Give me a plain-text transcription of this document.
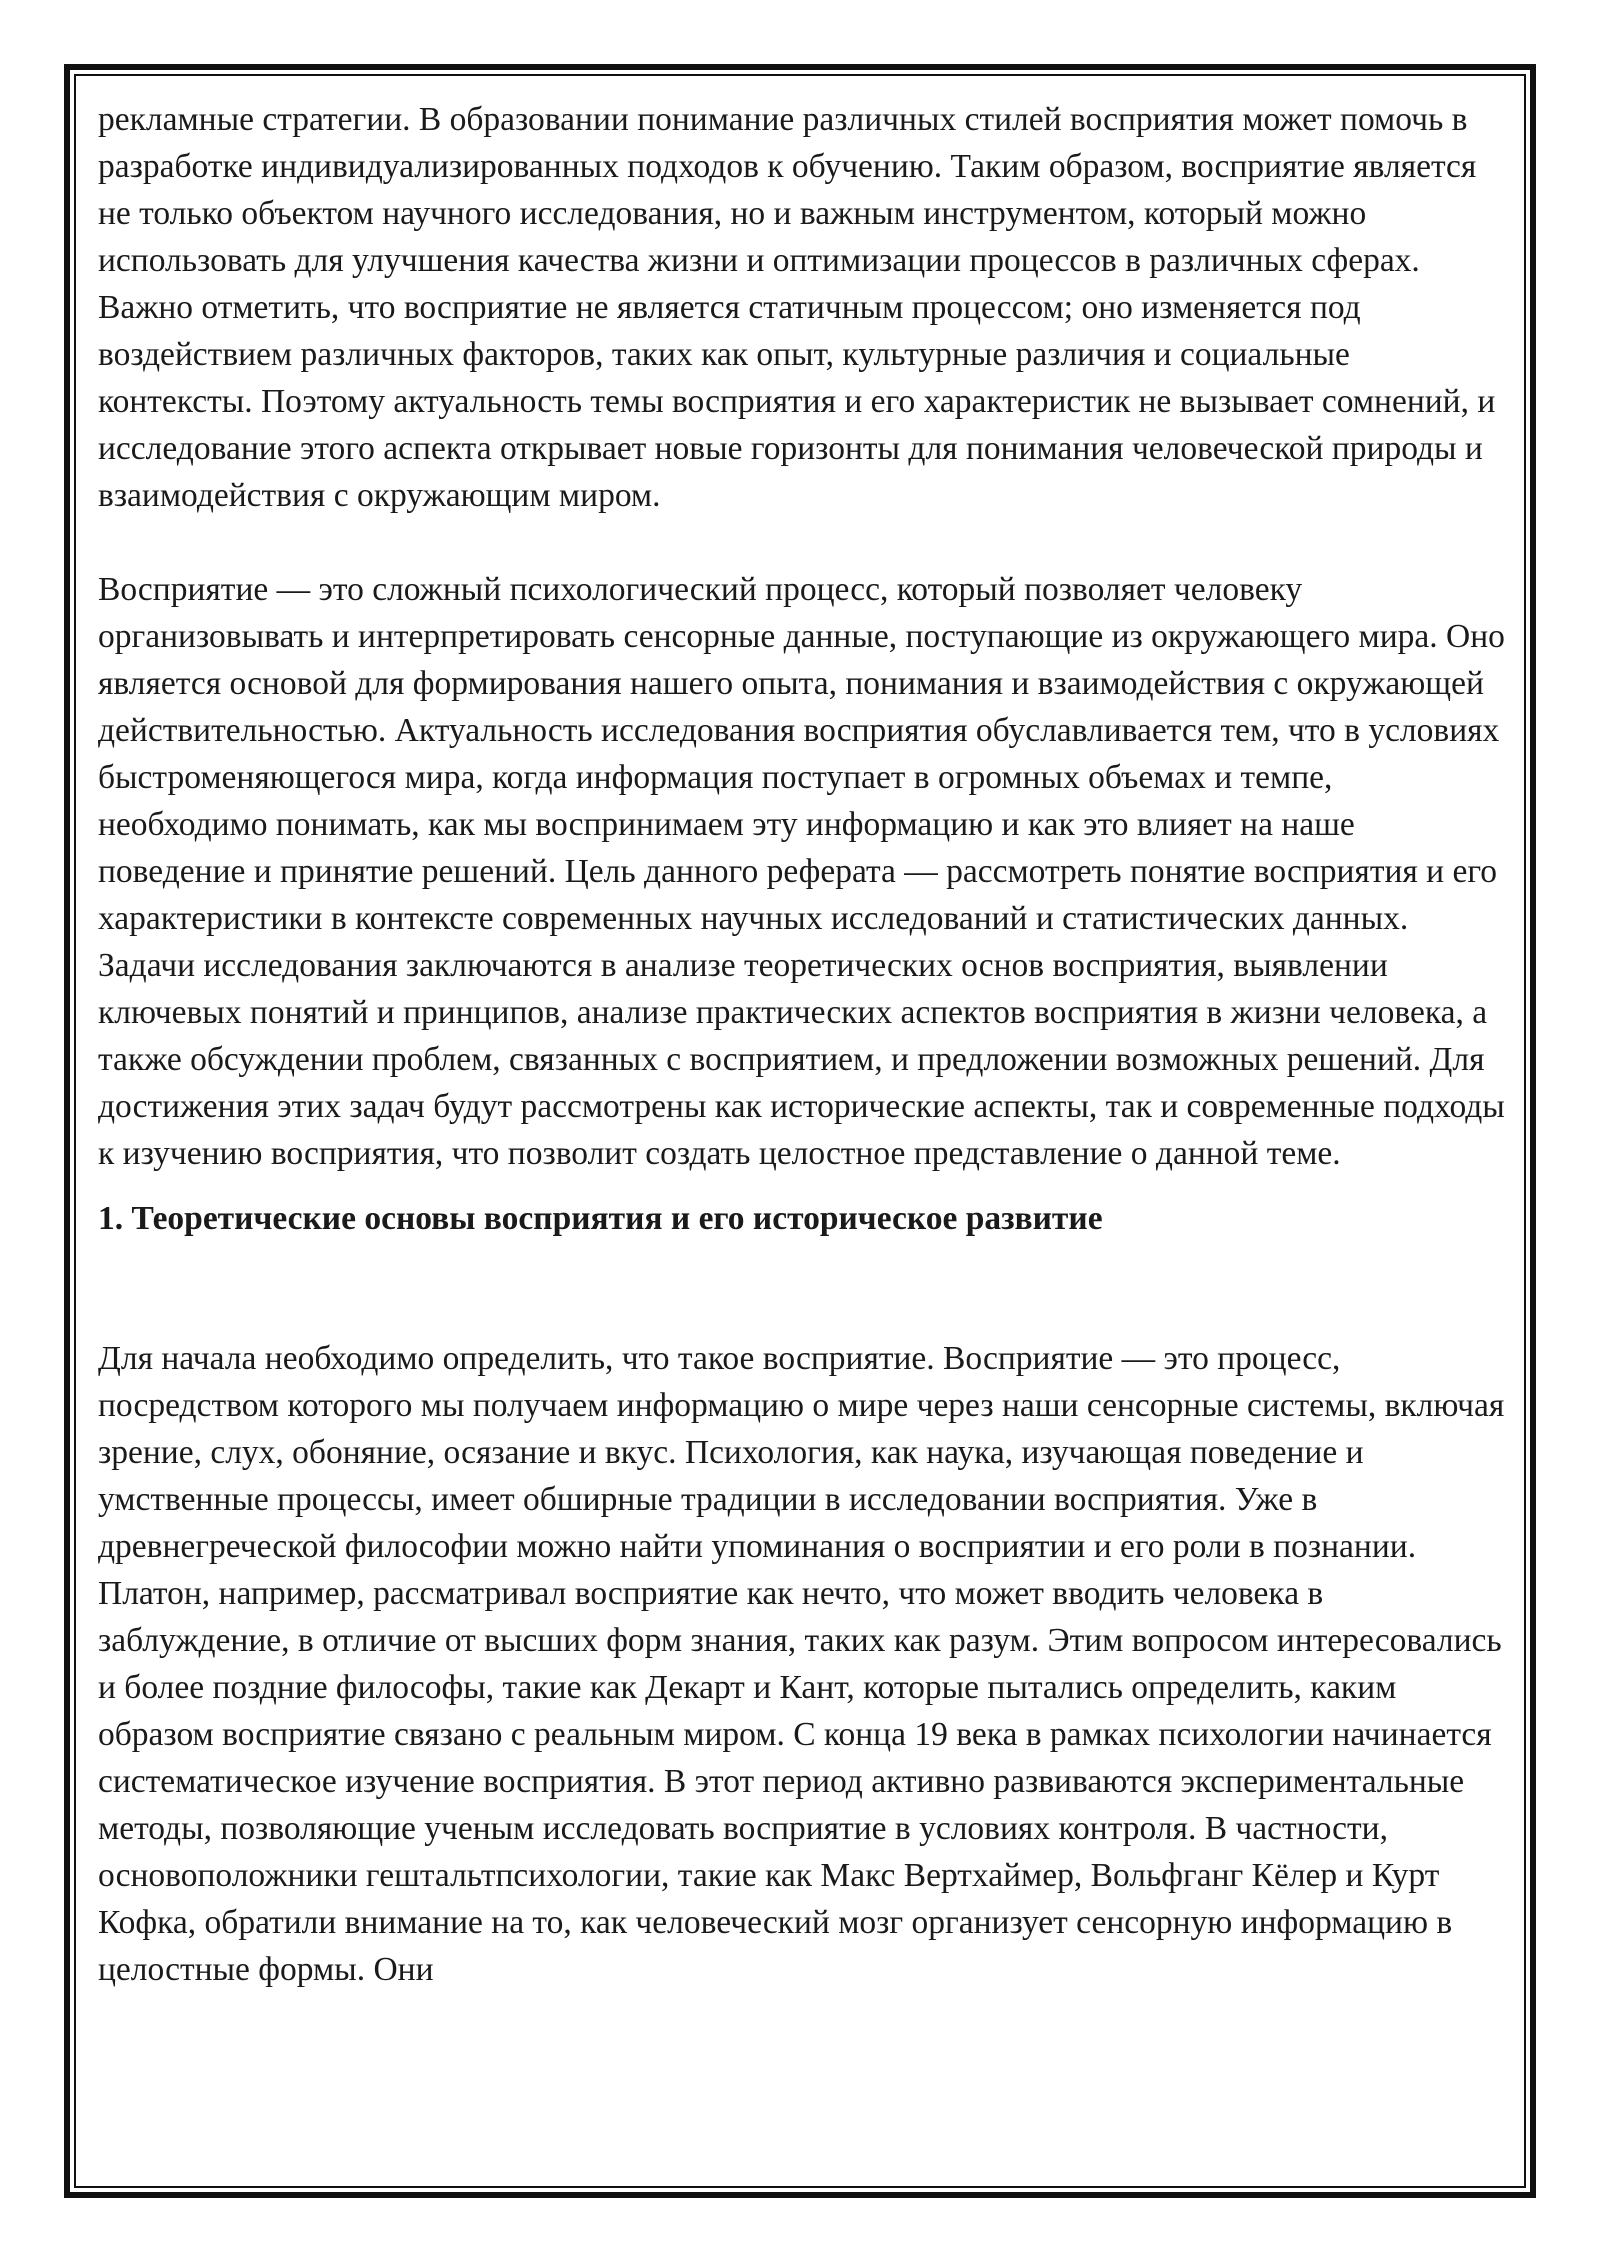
рекламные стратегии. В образовании понимание различных стилей восприятия может помочь в разработке индивидуализированных подходов к обучению. Таким образом, восприятие является не только объектом научного исследования, но и важным инструментом, который можно использовать для улучшения качества жизни и оптимизации процессов в различных сферах. Важно отметить, что восприятие не является статичным процессом; оно изменяется под воздействием различных факторов, таких как опыт, культурные различия и социальные контексты. Поэтому актуальность темы восприятия и его характеристик не вызывает сомнений, и исследование этого аспекта открывает новые горизонты для понимания человеческой природы и взаимодействия с окружающим миром.

Восприятие — это сложный психологический процесс, который позволяет человеку организовывать и интерпретировать сенсорные данные, поступающие из окружающего мира. Оно является основой для формирования нашего опыта, понимания и взаимодействия с окружающей действительностью. Актуальность исследования восприятия обуславливается тем, что в условиях быстроменяющегося мира, когда информация поступает в огромных объемах и темпе, необходимо понимать, как мы воспринимаем эту информацию и как это влияет на наше поведение и принятие решений. Цель данного реферата — рассмотреть понятие восприятия и его характеристики в контексте современных научных исследований и статистических данных. Задачи исследования заключаются в анализе теоретических основ восприятия, выявлении ключевых понятий и принципов, анализе практических аспектов восприятия в жизни человека, а также обсуждении проблем, связанных с восприятием, и предложении возможных решений. Для достижения этих задач будут рассмотрены как исторические аспекты, так и современные подходы к изучению восприятия, что позволит создать целостное представление о данной теме.

1. Теоретические основы восприятия и его историческое развитие

Для начала необходимо определить, что такое восприятие. Восприятие — это процесс, посредством которого мы получаем информацию о мире через наши сенсорные системы, включая зрение, слух, обоняние, осязание и вкус. Психология, как наука, изучающая поведение и умственные процессы, имеет обширные традиции в исследовании восприятия. Уже в древнегреческой философии можно найти упоминания о восприятии и его роли в познании. Платон, например, рассматривал восприятие как нечто, что может вводить человека в заблуждение, в отличие от высших форм знания, таких как разум. Этим вопросом интересовались и более поздние философы, такие как Декарт и Кант, которые пытались определить, каким образом восприятие связано с реальным миром. С конца 19 века в рамках психологии начинается систематическое изучение восприятия. В этот период активно развиваются экспериментальные методы, позволяющие ученым исследовать восприятие в условиях контроля. В частности, основоположники гештальтпсихологии, такие как Макс Вертхаймер, Вольфганг Кёлер и Курт Кофка, обратили внимание на то, как человеческий мозг организует сенсорную информацию в целостные формы. Они
